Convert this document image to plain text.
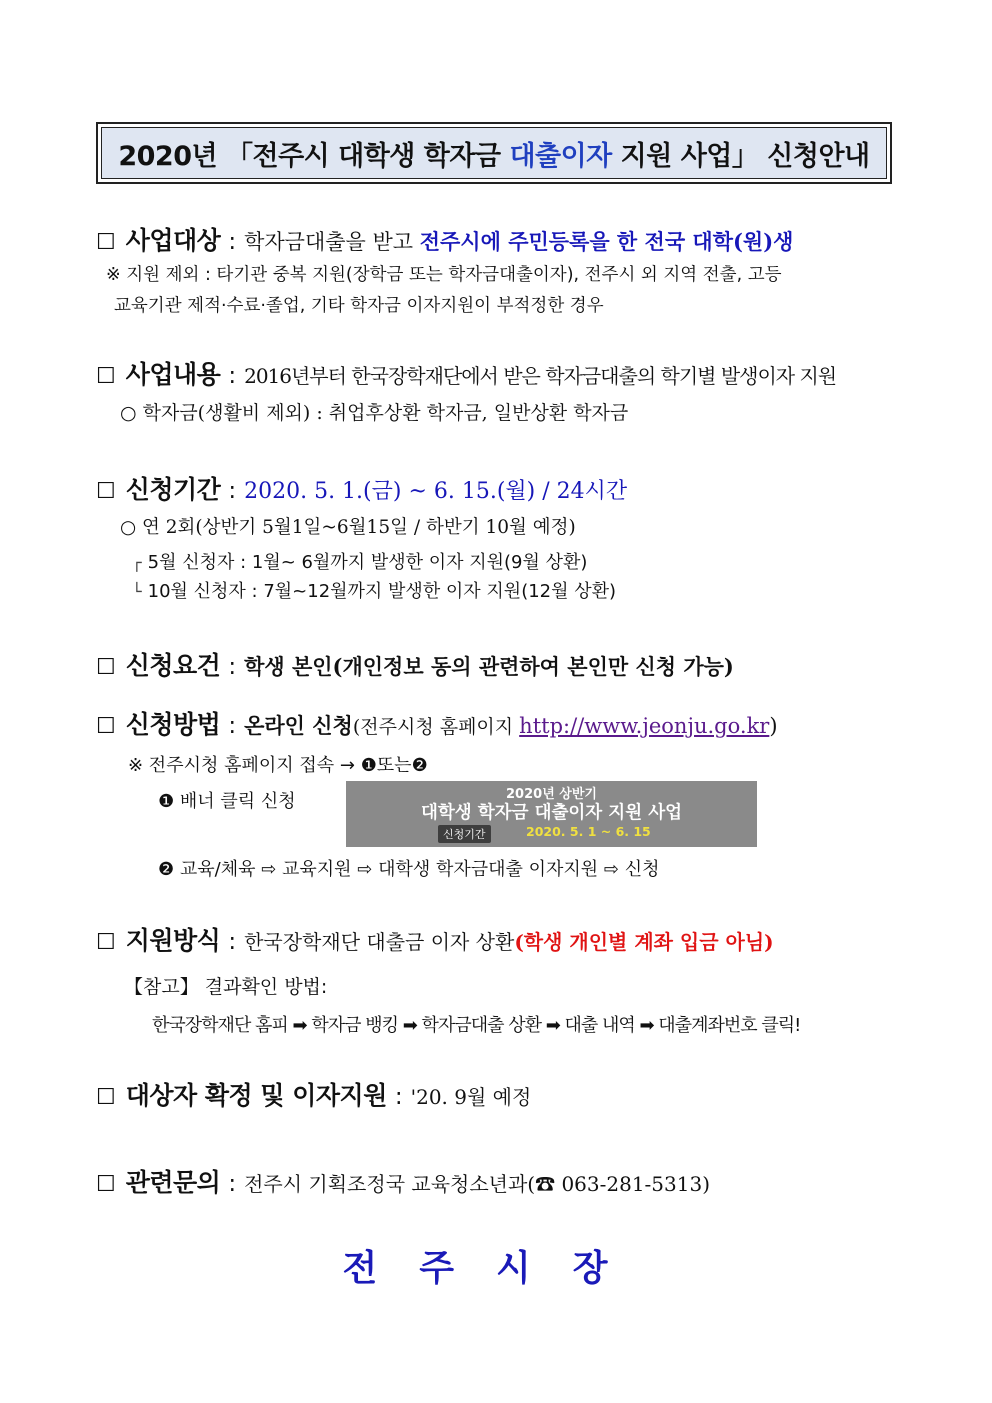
2020년 「전주시 대학생 학자금 대출이자 지원 사업」 신청안내
☐ 사업대상 : 학자금대출을 받고 전주시에 주민등록을 한 전국 대학(원)생
※ 지원 제외 : 타기관 중복 지원(장학금 또는 학자금대출이자), 전주시 외 지역 전출, 고등
교육기관 제적·수료·졸업, 기타 학자금 이자지원이 부적정한 경우
☐ 사업내용 : 2016년부터 한국장학재단에서 받은 학자금대출의 학기별 발생이자 지원
○ 학자금(생활비 제외) : 취업후상환 학자금, 일반상환 학자금
☐ 신청기간 : 2020. 5. 1.(금) ~ 6. 15.(월) / 24시간
○ 연 2회(상반기 5월1일~6월15일 / 하반기 10월 예정)
┌ 5월 신청자 : 1월~ 6월까지 발생한 이자 지원(9월 상환)
└ 10월 신청자 : 7월~12월까지 발생한 이자 지원(12월 상환)
☐ 신청요건 : 학생 본인(개인정보 동의 관련하여 본인만 신청 가능)
☐ 신청방법 : 온라인 신청(전주시청 홈페이지 http://www.jeonju.go.kr)
※ 전주시청 홈페이지 접속 → ❶또는❷
❶ 배너 클릭 신청	2020년 상반기
대학생 학자금 대출이자 지원 사업
신청기간	2020. 5. 1 ~ 6. 15
❷ 교육/체육 ⇨ 교육지원 ⇨ 대학생 학자금대출 이자지원 ⇨ 신청
☐ 지원방식 : 한국장학재단 대출금 이자 상환(학생 개인별 계좌 입금 아님)
【참고】 결과확인 방법:
한국장학재단 홈피 ➡ 학자금 뱅킹 ➡ 학자금대출 상환 ➡ 대출 내역 ➡ 대출계좌번호 클릭!
☐ 대상자 확정 및 이자지원 : '20. 9월 예정
☐ 관련문의 : 전주시 기획조정국 교육청소년과(☎ 063-281-5313)
전주시장
